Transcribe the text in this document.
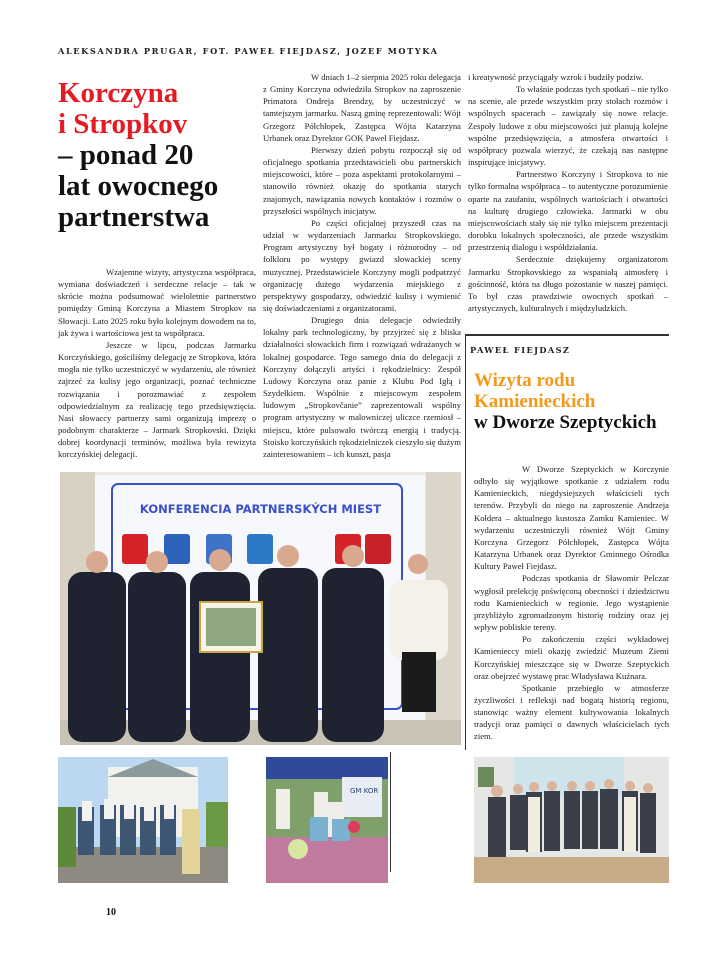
ALEKSANDRA PRUGAR, FOT. PAWEŁ FIEJDASZ, JOZEF MOTYKA
Korczyna
i Stropkov
– ponad 20
lat owocnego
partnerstwa

Wzajemne wizyty, artystyczna współpraca, wymiana doświadczeń i serdeczne relacje – tak w skrócie można podsumować wieloletnie partnerstwo pomiędzy Gminą Korczyna a Miastem Stropkov na Słowacji. Lato 2025 roku było kolejnym dowodem na to, jak żywa i wartościowa jest ta współpraca.

Jeszcze w lipcu, podczas Jarmarku Korczyńskiego, gościliśmy delegację ze Stropkova, która mogła nie tylko uczestniczyć w wydarzeniu, ale również zajrzeć za kulisy jego organizacji, poznać techniczne rozwiązania i porozmawiać z zespołem odpowiedzialnym za realizację tego przedsięwzięcia. Nasi słowaccy partnerzy sami organizują imprezę o podobnym charakterze – Jarmark Stropkovski. Dzięki dobrej koordynacji terminów, możliwa była rewizyta korczyńskiej delegacji.

W dniach 1–2 sierpnia 2025 roku delegacja z Gminy Korczyna odwiedziła Stropkov na zaproszenie Primatora Ondreja Brendzy, by uczestniczyć w tamtejszym jarmarku. Naszą gminę reprezentowali: Wójt Grzegorz Półchłopek, Zastępca Wójta Katarzyna Urbanek oraz Dyrektor GOK Paweł Fiejdasz.

Pierwszy dzień pobytu rozpoczął się od oficjalnego spotkania przedstawicieli obu partnerskich miejscowości, które – poza aspektami protokolarnymi – stanowiło również okazję do spotkania starych znajomych, nawiązania nowych kontaktów i rozmów o przyszłości wspólnych inicjatyw.

Po części oficjalnej przyszedł czas na udział w wydarzeniach Jarmarku Stropkovskiego. Program artystyczny był bogaty i różnorodny – od folkloru po występy gwiazd słowackiej sceny muzycznej. Przedstawiciele Korczyny mogli podpatrzyć organizację dużego wydarzenia miejskiego z perspektywy gospodarzy, odwiedzić kulisy i wymienić się doświadczeniami z organizatorami.

Drugiego dnia delegacje odwiedziły lokalny park technologiczny, by przyjrzeć się z bliska działalności słowackich firm i rozwiązań wdrażanych w lokalnej gospodarce. Tego samego dnia do delegacji z Korczyny dołączyli artyści i rękodzielnicy: Zespół Ludowy Korczyna oraz panie z Klubu Pod Igłą i Szydełkiem. Wspólnie z miejscowym zespołem ludowym „Stropkovčanie” zaprezentowali wspólny program artystyczny w malowniczej uliczce rzemiosł – miejscu, które pulsowało twórczą energią i tradycją. Stoisko korczyńskich rękodzielniczek cieszyło się dużym zainteresowaniem – ich kunszt, pasja

i kreatywność przyciągały wzrok i budziły podziw.

To właśnie podczas tych spotkań – nie tylko na scenie, ale przede wszystkim przy stołach rozmów i wspólnych spacerach – zawiązały się nowe relacje. Zespoły ludowe z obu miejscowości już planują kolejne wspólne przedsięwzięcia, a atmosfera otwartości i współpracy pozwala wierzyć, że czekają nas następne inspirujące inicjatywy.

Partnerstwo Korczyny i Stropkova to nie tylko formalna współpraca – to autentyczne porozumienie oparte na zaufaniu, wspólnych wartościach i otwartości na kulturę drugiego człowieka. Jarmarki w obu miejscowościach stały się nie tylko miejscem prezentacji dorobku lokalnych społeczności, ale przede wszystkim przestrzenią dialogu i współdziałania.

Serdecznie dziękujemy organizatorom Jarmarku Stropkovskiego za wspaniałą atmosferę i gościnność, która na długo pozostanie w naszej pamięci. To był czas prawdziwie owocnych spotkań – artystycznych, kulturalnych i międzyludzkich.

PAWEŁ FIEJDASZ
Wizyta rodu
Kamienieckich
w Dworze Szeptyckich

W Dworze Szeptyckich w Korczynie odbyło się wyjątkowe spotkanie z udziałem rodu Kamienieckich, niegdysiejszych właścicieli tych terenów. Przybyli do niego na zaproszenie Andrzeja Kołdera – aktualnego kustosza Zamku Kamieniec. W wydarzeniu uczestniczyli również Wójt Gminy Korczyna Grzegorz Półchłopek, Zastępca Wójta Katarzyna Urbanek oraz Dyrektor Gminnego Ośrodka Kultury Paweł Fiejdasz.

Podczas spotkania dr Sławomir Pelczar wygłosił prelekcję poświęconą obecności i dziedzictwu rodu Kamienieckich w regionie. Jego wystąpienie przybliżyło zgromadzonym historię rodziny oraz jej wpływ pobliskie tereny.

Po zakończeniu części wykładowej Kamienieccy mieli okazję zwiedzić Muzeum Ziemi Korczyńskiej mieszczące się w Dworze Szeptyckich oraz obejrzeć wystawę prac Władysława Kuźnara.

Spotkanie przebiegło w atmosferze życzliwości i refleksji nad bogatą historią regionu, stanowiąc ważny element kultywowania lokalnych tradycji oraz pamięci o dawnych właścicielach tych ziem.

KONFERENCIA PARTNERSKÝCH MIEST
GM KOR
10
